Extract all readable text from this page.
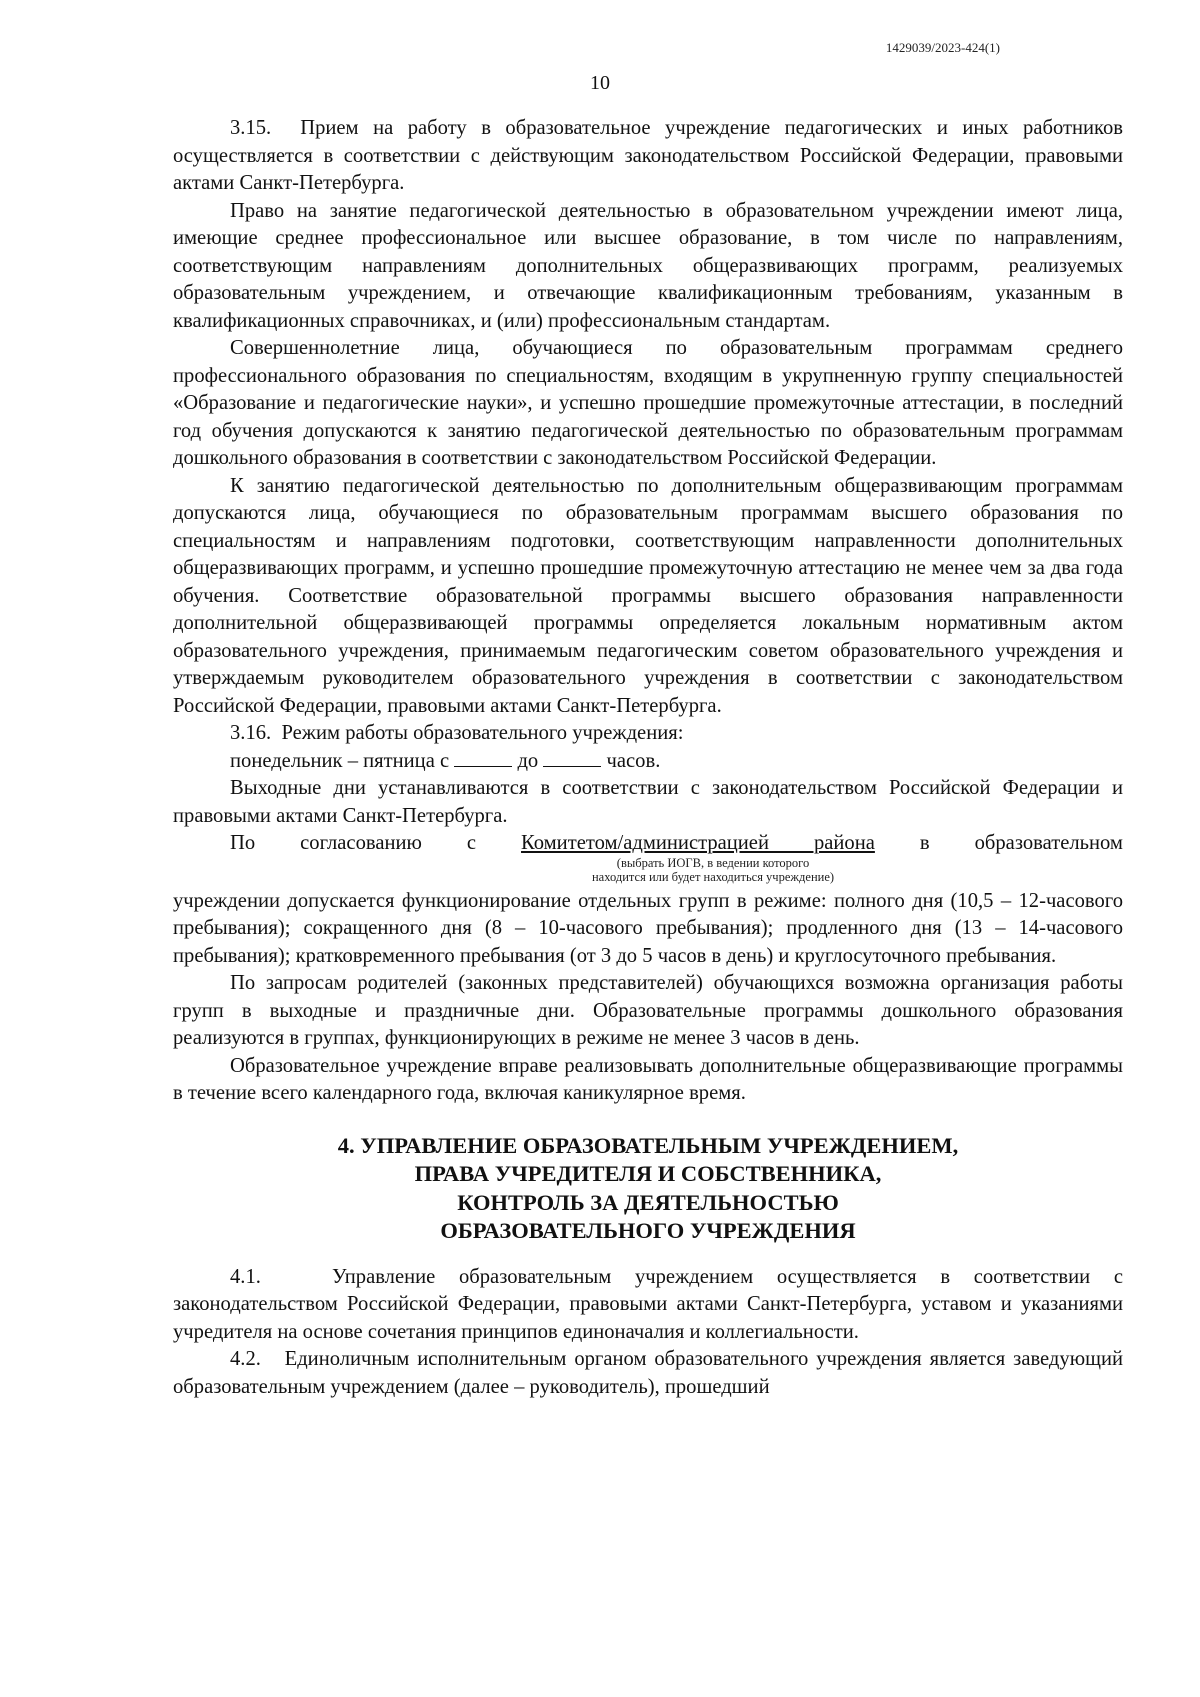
1429039/2023-424(1)
10

3.15. Прием на работу в образовательное учреждение педагогических и иных работников осуществляется в соответствии с действующим законодательством Российской Федерации, правовыми актами Санкт-Петербурга.

Право на занятие педагогической деятельностью в образовательном учреждении имеют лица, имеющие среднее профессиональное или высшее образование, в том числе по направлениям, соответствующим направлениям дополнительных общеразвивающих программ, реализуемых образовательным учреждением, и отвечающие квалификационным требованиям, указанным в квалификационных справочниках, и (или) профессиональным стандартам.

Совершеннолетние лица, обучающиеся по образовательным программам среднего профессионального образования по специальностям, входящим в укрупненную группу специальностей «Образование и педагогические науки», и успешно прошедшие промежуточные аттестации, в последний год обучения допускаются к занятию педагогической деятельностью по образовательным программам дошкольного образования в соответствии с законодательством Российской Федерации.

К занятию педагогической деятельностью по дополнительным общеразвивающим программам допускаются лица, обучающиеся по образовательным программам высшего образования по специальностям и направлениям подготовки, соответствующим направленности дополнительных общеразвивающих программ, и успешно прошедшие промежуточную аттестацию не менее чем за два года обучения. Соответствие образовательной программы высшего образования направленности дополнительной общеразвивающей программы определяется локальным нормативным актом образовательного учреждения, принимаемым педагогическим советом образовательного учреждения и утверждаемым руководителем образовательного учреждения в соответствии с законодательством Российской Федерации, правовыми актами Санкт-Петербурга.

3.16. Режим работы образовательного учреждения:

понедельник – пятница с	до	часов.

Выходные дни устанавливаются в соответствии с законодательством Российской Федерации и правовыми актами Санкт-Петербурга.

По согласованию с Комитетом/администрацией района в образовательном

(выбрать ИОГВ, в ведении которого
находится или будет находиться учреждение)

учреждении допускается функционирование отдельных групп в режиме: полного дня (10,5 – 12-часового пребывания); сокращенного дня (8 – 10-часового пребывания); продленного дня (13 – 14-часового пребывания); кратковременного пребывания (от 3 до 5 часов в день) и круглосуточного пребывания.

По запросам родителей (законных представителей) обучающихся возможна организация работы групп в выходные и праздничные дни. Образовательные программы дошкольного образования реализуются в группах, функционирующих в режиме не менее 3 часов в день.

Образовательное учреждение вправе реализовывать дополнительные общеразвивающие программы в течение всего календарного года, включая каникулярное время.

4. УПРАВЛЕНИЕ ОБРАЗОВАТЕЛЬНЫМ УЧРЕЖДЕНИЕМ,
ПРАВА УЧРЕДИТЕЛЯ И СОБСТВЕННИКА,
КОНТРОЛЬ ЗА ДЕЯТЕЛЬНОСТЬЮ
ОБРАЗОВАТЕЛЬНОГО УЧРЕЖДЕНИЯ

4.1.	Управление образовательным учреждением осуществляется в соответствии с законодательством Российской Федерации, правовыми актами Санкт-Петербурга, уставом и указаниями учредителя на основе сочетания принципов единоначалия и коллегиальности.

4.2. Единоличным исполнительным органом образовательного учреждения является заведующий образовательным учреждением (далее – руководитель), прошедший
